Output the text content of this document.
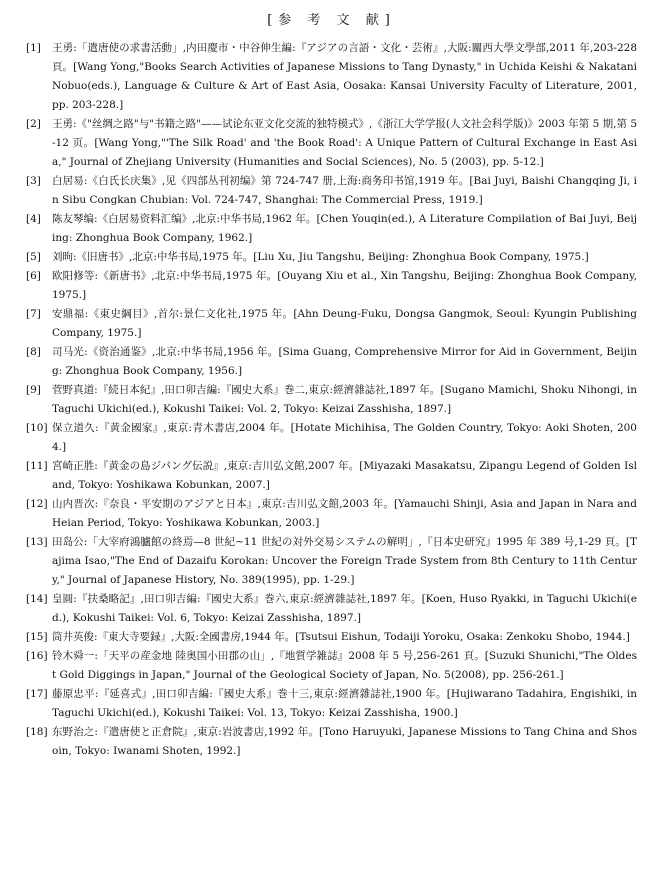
[参 考 文 献]
[1]	王勇:「遣唐使の求書活動」,内田慶市・中谷伸生編:『アジアの言語・文化・芸術』,大阪:關西大學文學部,2011 年,203-228 頁。[Wang Yong,"Books Search Activities of Japanese Missions to Tang Dynasty," in Uchida Keishi & Nakatani Nobuo(eds.), Language & Culture & Art of East Asia, Oosaka: Kansai University Faculty of Literature, 2001, pp. 203-228.]
[2]	王勇:《"丝绸之路"与"书籍之路"——试论东亚文化交流的独特模式》,《浙江大学学报(人文社会科学版)》2003 年第 5 期,第 5-12 页。[Wang Yong,"'The Silk Road' and 'the Book Road': A Unique Pattern of Cultural Exchange in East Asia," Journal of Zhejiang University (Humanities and Social Sciences), No. 5 (2003), pp. 5-12.]
[3]	白居易:《白氏长庆集》,见《四部丛刊初编》第 724-747 册,上海:商务印书馆,1919 年。[Bai Juyi, Baishi Changqing Ji, in Sibu Congkan Chubian: Vol. 724-747, Shanghai: The Commercial Press, 1919.]
[4]	陈友琴编:《白居易资料汇编》,北京:中华书局,1962 年。[Chen Youqin(ed.), A Literature Compilation of Bai Juyi, Beijing: Zhonghua Book Company, 1962.]
[5]	刘昫:《旧唐书》,北京:中华书局,1975 年。[Liu Xu, Jiu Tangshu, Beijing: Zhonghua Book Company, 1975.]
[6]	欧阳修等:《新唐书》,北京:中华书局,1975 年。[Ouyang Xiu et al., Xin Tangshu, Beijing: Zhonghua Book Company, 1975.]
[7]	安鼎福:《東史綱目》,首尔:景仁文化社,1975 年。[Ahn Deung-Fuku, Dongsa Gangmok, Seoul: Kyungin Publishing Company, 1975.]
[8]	司马光:《资治通鉴》,北京:中华书局,1956 年。[Sima Guang, Comprehensive Mirror for Aid in Government, Beijing: Zhonghua Book Company, 1956.]
[9]	菅野真道:『続日本紀』,田口卯吉編:『國史大系』巻二,東京:經濟雜誌社,1897 年。[Sugano Mamichi, Shoku Nihongi, in Taguchi Ukichi(ed.), Kokushi Taikei: Vol. 2, Tokyo: Keizai Zasshisha, 1897.]
[10] 保立道久:『黄金國家』,東京:青木書店,2004 年。[Hotate Michihisa, The Golden Country, Tokyo: Aoki Shoten, 2004.]
[11] 宮崎正胜:『黄金の島ジパング伝説』,東京:吉川弘文館,2007 年。[Miyazaki Masakatsu, Zipangu Legend of Golden Island, Tokyo: Yoshikawa Kobunkan, 2007.]
[12] 山内晋次:『奈良・平安期のアジアと日本』,東京:吉川弘文館,2003 年。[Yamauchi Shinji, Asia and Japan in Nara and Heian Period, Tokyo: Yoshikawa Kobunkan, 2003.]
[13] 田岛公:「大宰府鴻臚館の終焉—8 世紀~11 世紀の対外交易システムの解明」,『日本史研究』1995 年 389 号,1-29 頁。[Tajima Isao,"The End of Dazaifu Korokan: Uncover the Foreign Trade System from 8th Century to 11th Century," Journal of Japanese History, No. 389(1995), pp. 1-29.]
[14] 皇圓:『扶桑略記』,田口卯吉編:『國史大系』巻六,東京:經濟雜誌社,1897 年。[Koen, Huso Ryakki, in Taguchi Ukichi(ed.), Kokushi Taikei: Vol. 6, Tokyo: Keizai Zasshisha, 1897.]
[15] 筒井英俊:『東大寺要録』,大阪:全國書房,1944 年。[Tsutsui Eishun, Todaiji Yoroku, Osaka: Zenkoku Shobo, 1944.]
[16] 铃木舜一:「天平の産金地 陸奥国小田郡の山」,『地質学雑誌』2008 年 5 号,256-261 頁。[Suzuki Shunichi,"The Oldest Gold Diggings in Japan," Journal of the Geological Society of Japan, No. 5(2008), pp. 256-261.]
[17] 藤原忠平:『延喜式』,田口卯吉編:『國史大系』巻十三,東京:經濟雜誌社,1900 年。[Hujiwarano Tadahira, Engishiki, in Taguchi Ukichi(ed.), Kokushi Taikei: Vol. 13, Tokyo: Keizai Zasshisha, 1900.]
[18] 东野治之:『遣唐使と正倉院』,東京:岩波書店,1992 年。[Tono Haruyuki, Japanese Missions to Tang China and Shosoin, Tokyo: Iwanami Shoten, 1992.]
